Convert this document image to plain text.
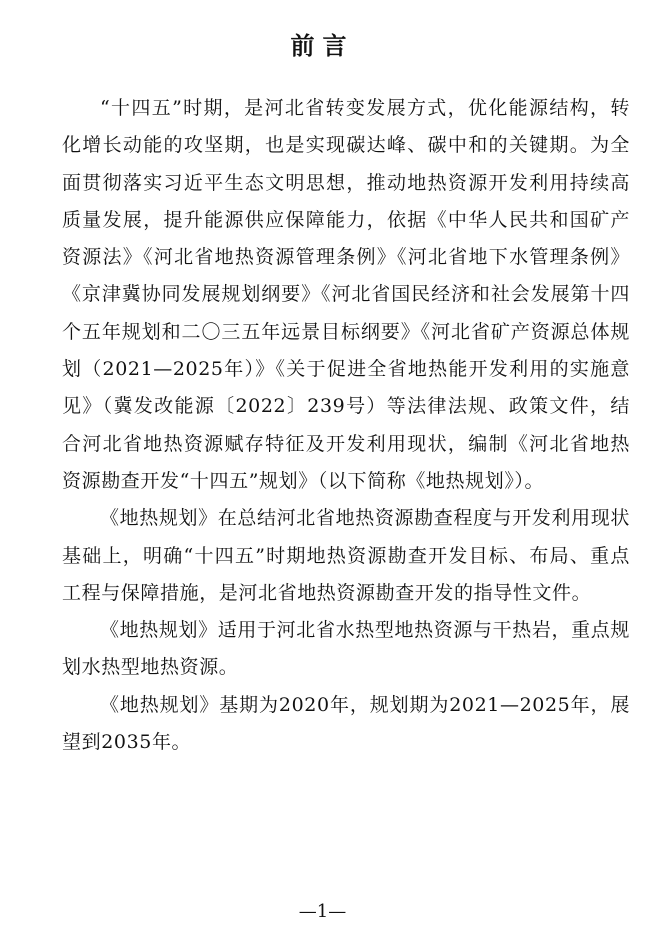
前言

“十四五”时期，是河北省转变发展方式，优化能源结构，转化增长动能的攻坚期，也是实现碳达峰、碳中和的关键期。为全面贯彻落实习近平生态文明思想，推动地热资源开发利用持续高质量发展，提升能源供应保障能力，依据《中华人民共和国矿产资源法》《河北省地热资源管理条例》《河北省地下水管理条例》《京津冀协同发展规划纲要》《河北省国民经济和社会发展第十四个五年规划和二〇三五年远景目标纲要》《河北省矿产资源总体规划（2021—2025年）》《关于促进全省地热能开发利用的实施意见》（冀发改能源〔2022〕239号）等法律法规、政策文件，结合河北省地热资源赋存特征及开发利用现状，编制《河北省地热资源勘查开发“十四五”规划》（以下简称《地热规划》）。

《地热规划》在总结河北省地热资源勘查程度与开发利用现状基础上，明确“十四五”时期地热资源勘查开发目标、布局、重点工程与保障措施，是河北省地热资源勘查开发的指导性文件。

《地热规划》适用于河北省水热型地热资源与干热岩，重点规划水热型地热资源。

《地热规划》基期为2020年，规划期为2021—2025年，展望到2035年。

—1—
